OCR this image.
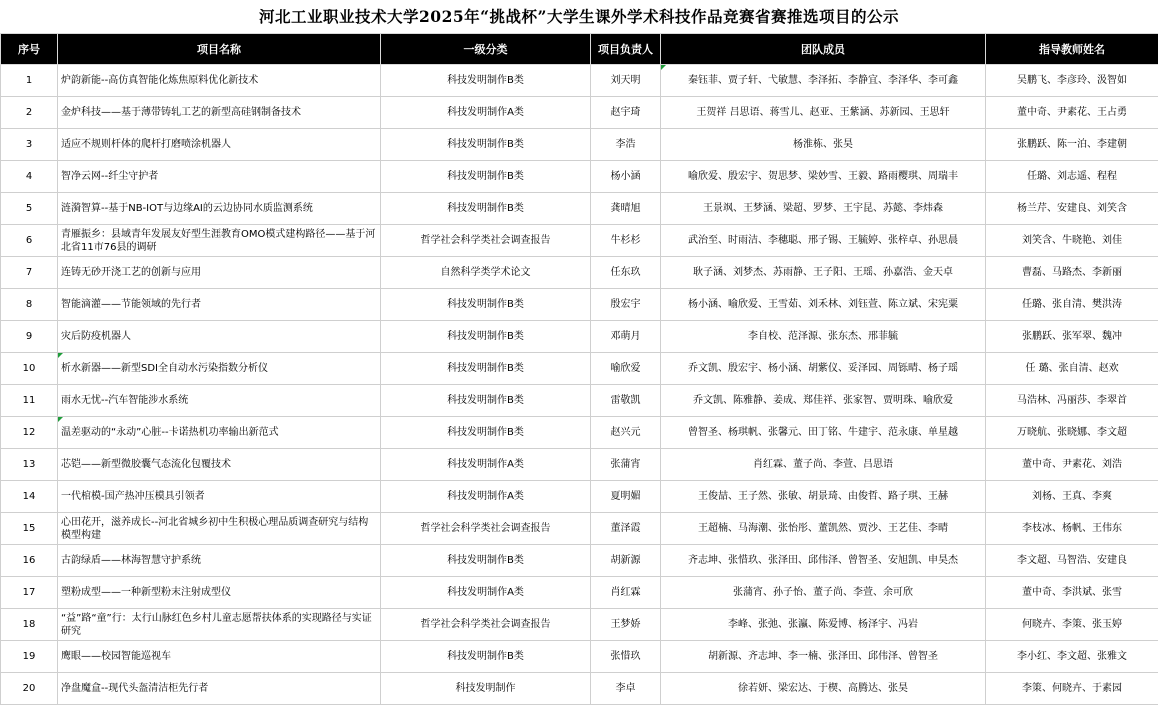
河北工业职业技术大学2025年“挑战杯”大学生课外学术科技作品竞赛省赛推选项目的公示
序号	项目名称	一级分类	项目负责人	团队成员	指导教师姓名
1	炉韵新能--高仿真智能化炼焦原料优化新技术	科技发明制作B类	刘天明	秦钰菲、贾子轩、弋敏慧、李泽拓、李静宜、李泽华、李可鑫	吴鹏飞、李彦玲、汲智如
2	金炉科技——基于薄带铸轧工艺的新型高硅钢制备技术	科技发明制作A类	赵宇琦	王贺祥 吕思语、蒋雪儿、赵亚、王紫涵、苏新园、王思轩	董中奇、尹素花、王占勇
3	适应不规则杆体的爬杆打磨喷涂机器人	科技发明制作B类	李浩	杨淮栋、张昊	张鹏跃、陈一泊、李建朝
4	智净云网--纤尘守护者	科技发明制作B类	杨小涵	喻欣爱、殷宏宇、贺思梦、梁妙雪、王毅、路雨樱琪、周瑞丰	任璐、刘志遥、程程
5	涟漪智算--基于NB-IOT与边缘AI的云边协同水质监测系统	科技发明制作B类	龚晴旭	王景飒、王梦涵、梁超、罗梦、王宇昆、苏懿、李炜森	杨兰芹、安建良、刘笑含
6	青雁振乡：县域青年发展友好型生涯教育OMO模式建构路径——基于河北省11市76县的调研	哲学社会科学类社会调查报告	牛杉杉	武治至、时雨洁、李穗聪、邢子锡、王毓婷、张梓卓、孙思晨	刘笑含、牛晓艳、刘佳
7	连铸无砂开浇工艺的创新与应用	自然科学类学术论文	任东玖	耿子涵、刘梦杰、苏雨静、王子阳、王瑶、孙嘉浩、金天卓	曹磊、马路杰、李新丽
8	智能滴灌——节能领域的先行者	科技发明制作B类	殷宏宇	杨小涵、喻欣爱、王雪茹、刘禾林、刘钰萱、陈立斌、宋宪粟	任璐、张自清、樊洪涛
9	灾后防疫机器人	科技发明制作B类	邓萌月	李自校、范泽源、张东杰、邢菲毓	张鹏跃、张军翠、魏冲
10	析水新器——新型SDI全自动水污染指数分析仪	科技发明制作B类	喻欣爱	乔文凯、殷宏宇、杨小涵、胡紫仪、妥泽园、周铄晴、杨子瑶	任 璐、张自清、赵欢
11	雨水无忧--汽车智能涉水系统	科技发明制作B类	雷敬凯	乔文凯、陈雅静、姜成、郑佳祥、张家智、贾明珠、喻欣爱	马浩林、冯丽莎、李翠首
12	温差驱动的“永动”心脏--卡诺热机功率输出新范式	科技发明制作B类	赵兴元	曾智圣、杨琪帆、张馨元、田丁铭、牛建宇、范永康、单星越	万晓航、张晓娜、李文超
13	芯铠——新型微胶囊气态流化包覆技术	科技发明制作A类	张蒲宵	肖红霖、董子尚、李萱、吕思语	董中奇、尹素花、刘浩
14	一代棺模-国产热冲压模具引领者	科技发明制作A类	夏明媚	王俊喆、王子然、张敏、胡景琦、由俊哲、路子琪、王赫	刘杨、王真、李爽
15	心田花开，滋养成长--河北省城乡初中生积极心理品质调查研究与结构模型构建	哲学社会科学类社会调查报告	董泽霞	王超楠、马海潮、张怡彤、董凯然、贾沙、王艺佳、李晴	李枝冰、杨帆、王伟东
16	古韵绿盾——林海智慧守护系统	科技发明制作B类	胡新源	齐志坤、张惜玖、张泽田、邱伟泽、曾智圣、安旭凯、申昊杰	李文超、马智浩、安建良
17	塑粉成型——一种新型粉末注射成型仪	科技发明制作A类	肖红霖	张蒲宵、孙子怡、董子尚、李萱、余可欣	董中奇、李洪斌、张雪
18	“益”路“童”行：太行山脉红色乡村儿童志愿帮扶体系的实现路径与实证研究	哲学社会科学类社会调查报告	王梦娇	李峰、张弛、张瀛、陈爱博、杨泽宇、冯岩	何晓卉、李策、张玉婷
19	鹰眼——校园智能巡视车	科技发明制作B类	张惜玖	胡新源、齐志坤、李一楠、张泽田、邱伟泽、曾智圣	李小红、李文超、张雅文
20	净盘魔盒--现代头盔清洁柜先行者	科技发明制作	李卓	徐若妍、梁宏达、于楔、高腾达、张昊	李策、何晓卉、于素园
